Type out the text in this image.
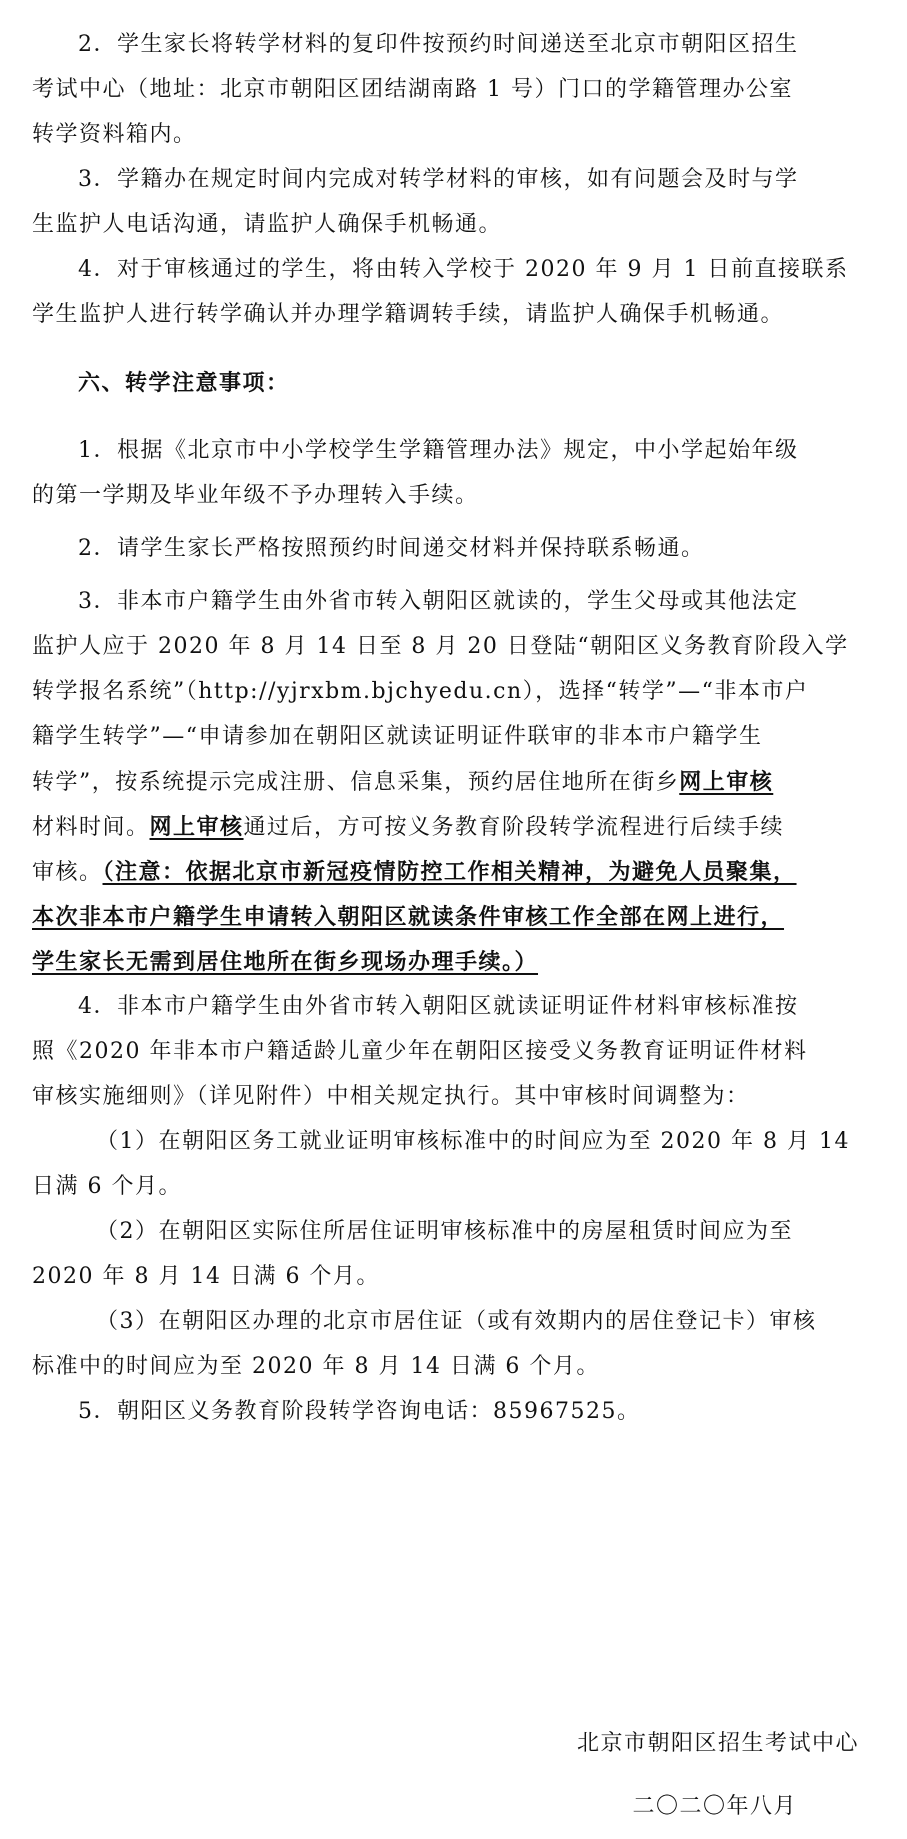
2．学生家长将转学材料的复印件按预约时间递送至北京市朝阳区招生
考试中心（地址：北京市朝阳区团结湖南路 1 号）门口的学籍管理办公室
转学资料箱内。
3．学籍办在规定时间内完成对转学材料的审核，如有问题会及时与学
生监护人电话沟通，请监护人确保手机畅通。
4．对于审核通过的学生，将由转入学校于 2020 年 9 月 1 日前直接联系
学生监护人进行转学确认并办理学籍调转手续，请监护人确保手机畅通。
六、转学注意事项：
1．根据《北京市中小学校学生学籍管理办法》规定，中小学起始年级
的第一学期及毕业年级不予办理转入手续。
2．请学生家长严格按照预约时间递交材料并保持联系畅通。
3．非本市户籍学生由外省市转入朝阳区就读的，学生父母或其他法定
监护人应于 2020 年 8 月 14 日至 8 月 20 日登陆“朝阳区义务教育阶段入学
转学报名系统”（http://yjrxbm.bjchyedu.cn），选择“转学”—“非本市户
籍学生转学”—“申请参加在朝阳区就读证明证件联审的非本市户籍学生
转学”，按系统提示完成注册、信息采集，预约居住地所在街乡网上审核
材料时间。网上审核通过后，方可按义务教育阶段转学流程进行后续手续
审核。（注意：依据北京市新冠疫情防控工作相关精神，为避免人员聚集，
本次非本市户籍学生申请转入朝阳区就读条件审核工作全部在网上进行，
学生家长无需到居住地所在街乡现场办理手续。）
4．非本市户籍学生由外省市转入朝阳区就读证明证件材料审核标准按
照《2020 年非本市户籍适龄儿童少年在朝阳区接受义务教育证明证件材料
审核实施细则》（详见附件）中相关规定执行。其中审核时间调整为：
（1）在朝阳区务工就业证明审核标准中的时间应为至 2020 年 8 月 14
日满 6 个月。
（2）在朝阳区实际住所居住证明审核标准中的房屋租赁时间应为至
2020 年 8 月 14 日满 6 个月。
（3）在朝阳区办理的北京市居住证（或有效期内的居住登记卡）审核
标准中的时间应为至 2020 年 8 月 14 日满 6 个月。
5．朝阳区义务教育阶段转学咨询电话：85967525。
北京市朝阳区招生考试中心
二〇二〇年八月
